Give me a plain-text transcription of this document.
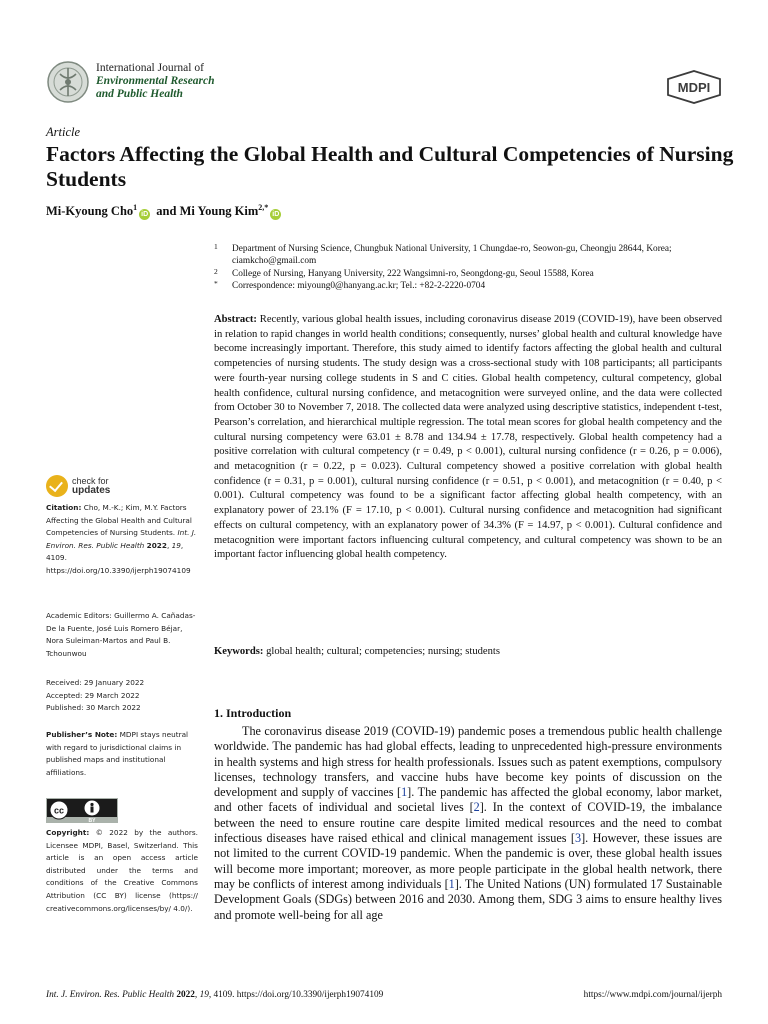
International Journal of
Environmental Research
and Public Health	MDPI
Article
Factors Affecting the Global Health and Cultural Competencies of Nursing Students
Mi-Kyoung Cho$^1$iD and Mi Young Kim$^{2,*}$iD
1 Department of Nursing Science, Chungbuk National University, 1 Chungdae-ro, Seowon-gu, Cheongju 28644, Korea; ciamkcho@gmail.com
2 College of Nursing, Hanyang University, 222 Wangsimni-ro, Seongdong-gu, Seoul 15588, Korea
* Correspondence: miyoung0@hanyang.ac.kr; Tel.: +82-2-2220-0704
Abstract: Recently, various global health issues, including coronavirus disease 2019 (COVID-19), have been observed in relation to rapid changes in world health conditions; consequently, nurses’ global health and cultural knowledge have become increasingly important. Therefore, this study aimed to identify factors affecting the global health and cultural competencies of nursing students. The study design was a cross-sectional study with 108 participants; all participants were fourth-year nursing college students in S and C cities. Global health competency, cultural competency, global health confidence, cultural nursing confidence, and metacognition were surveyed online, and the data were collected from October 30 to November 7, 2018. The collected data were analyzed using descriptive statistics, independent t-test, Pearson’s correlation, and hierarchical multiple regression. The total mean scores for global health competency and the cultural nursing competency were 63.01 ± 8.78 and 134.94 ± 17.78, respectively. Global health competency had a positive correlation with cultural competency (r = 0.49, p < 0.001), cultural nursing confidence (r = 0.26, p = 0.006), and metacognition (r = 0.22, p = 0.023). Cultural competency showed a positive correlation with global health confidence (r = 0.31, p = 0.001), cultural nursing confidence (r = 0.51, p < 0.001), and metacognition (r = 0.40, p < 0.001). Cultural competency was found to be a significant factor affecting global health competency, with an explanatory power of 23.1% (F = 17.10, p < 0.001). Cultural nursing confidence and metacognition had significant effects on cultural competency, with an explanatory power of 34.3% (F = 14.97, p < 0.001). Cultural confidence and metacognition were important factors influencing cultural competency, and cultural competency was shown to be an important factor influencing global health competency.
Keywords: global health; cultural; competencies; nursing; students
check for
updates
Citation: Cho, M.-K.; Kim, M.Y. Factors Affecting the Global Health and Cultural Competencies of Nursing Students. Int. J. Environ. Res. Public Health 2022, 19, 4109. https://doi.org/10.3390/ijerph19074109
Academic Editors: Guillermo A. Cañadas-De la Fuente, José Luis Romero Béjar, Nora Suleiman-Martos and Paul B. Tchounwou
Received: 29 January 2022
Accepted: 29 March 2022
Published: 30 March 2022
Publisher’s Note: MDPI stays neutral with regard to jurisdictional claims in published maps and institutional affiliations.
cc
BY
Copyright: © 2022 by the authors. Licensee MDPI, Basel, Switzerland. This article is an open access article distributed under the terms and conditions of the Creative Commons Attribution (CC BY) license (https:// creativecommons.org/licenses/by/ 4.0/).
1. Introduction
The coronavirus disease 2019 (COVID-19) pandemic poses a tremendous public health challenge worldwide. The pandemic has had global effects, leading to unprecedented high-pressure environments in health systems and high stress for health professionals. Issues such as patent exemptions, compulsory licenses, technology transfers, and vaccine hubs have become key points of discussion on the development and supply of vaccines [1]. The pandemic has affected the global economy, labor market, and other facets of individual and societal lives [2]. In the context of COVID-19, the imbalance between the need to ensure routine care despite limited medical resources and the need to combat infectious diseases have raised ethical and clinical management issues [3]. However, these issues are not limited to the current COVID-19 pandemic. When the pandemic is over, these global health issues will become more important; moreover, as more people participate in the global health network, there may be conflicts of interest among individuals [1]. The United Nations (UN) formulated 17 Sustainable Development Goals (SDGs) between 2016 and 2030. Among them, SDG 3 aims to ensure healthy lives and promote well-being for all age
Int. J. Environ. Res. Public Health 2022, 19, 4109. https://doi.org/10.3390/ijerph19074109	https://www.mdpi.com/journal/ijerph
